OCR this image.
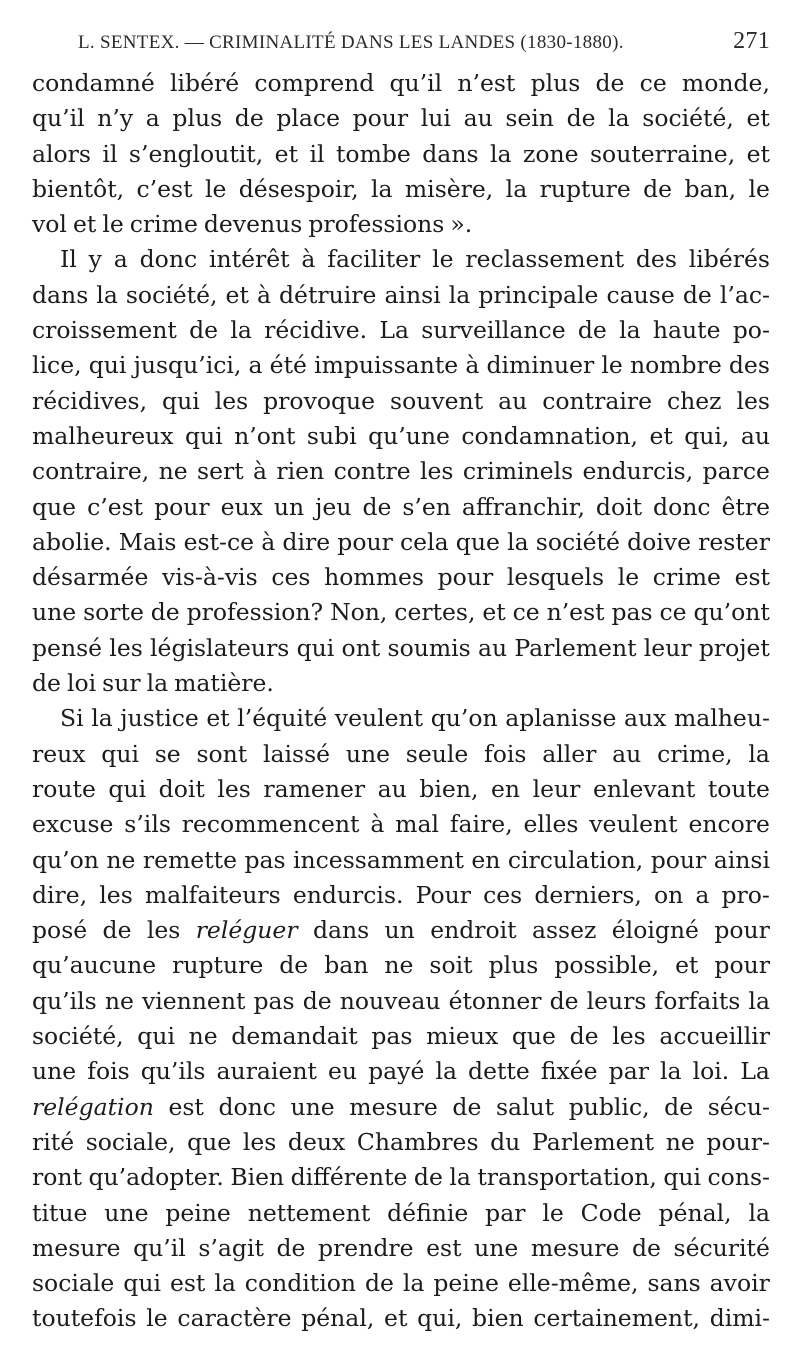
L. SENTEX. — CRIMINALITÉ DANS LES LANDES (1830-1880).	271
condamné libéré comprend qu’il n’est plus de ce monde,
qu’il n’y a plus de place pour lui au sein de la société, et
alors il s’engloutit, et il tombe dans la zone souterraine, et
bientôt, c’est le désespoir, la misère, la rupture de ban, le
vol et le crime devenus professions ».
Il y a donc intérêt à faciliter le reclassement des libérés
dans la société, et à détruire ainsi la principale cause de l’ac-
croissement de la récidive. La surveillance de la haute po-
lice, qui jusqu’ici, a été impuissante à diminuer le nombre des
récidives, qui les provoque souvent au contraire chez les
malheureux qui n’ont subi qu’une condamnation, et qui, au
contraire, ne sert à rien contre les criminels endurcis, parce
que c’est pour eux un jeu de s’en affranchir, doit donc être
abolie. Mais est-ce à dire pour cela que la société doive rester
désarmée vis-à-vis ces hommes pour lesquels le crime est
une sorte de profession? Non, certes, et ce n’est pas ce qu’ont
pensé les législateurs qui ont soumis au Parlement leur projet
de loi sur la matière.
Si la justice et l’équité veulent qu’on aplanisse aux malheu-
reux qui se sont laissé une seule fois aller au crime, la
route qui doit les ramener au bien, en leur enlevant toute
excuse s’ils recommencent à mal faire, elles veulent encore
qu’on ne remette pas incessamment en circulation, pour ainsi
dire, les malfaiteurs endurcis. Pour ces derniers, on a pro-
posé de les reléguer dans un endroit assez éloigné pour
qu’aucune rupture de ban ne soit plus possible, et pour
qu’ils ne viennent pas de nouveau étonner de leurs forfaits la
société, qui ne demandait pas mieux que de les accueillir
une fois qu’ils auraient eu payé la dette fixée par la loi. La
relégation est donc une mesure de salut public, de sécu-
rité sociale, que les deux Chambres du Parlement ne pour-
ront qu’adopter. Bien différente de la transportation, qui cons-
titue une peine nettement définie par le Code pénal, la
mesure qu’il s’agit de prendre est une mesure de sécurité
sociale qui est la condition de la peine elle-même, sans avoir
toutefois le caractère pénal, et qui, bien certainement, dimi-
